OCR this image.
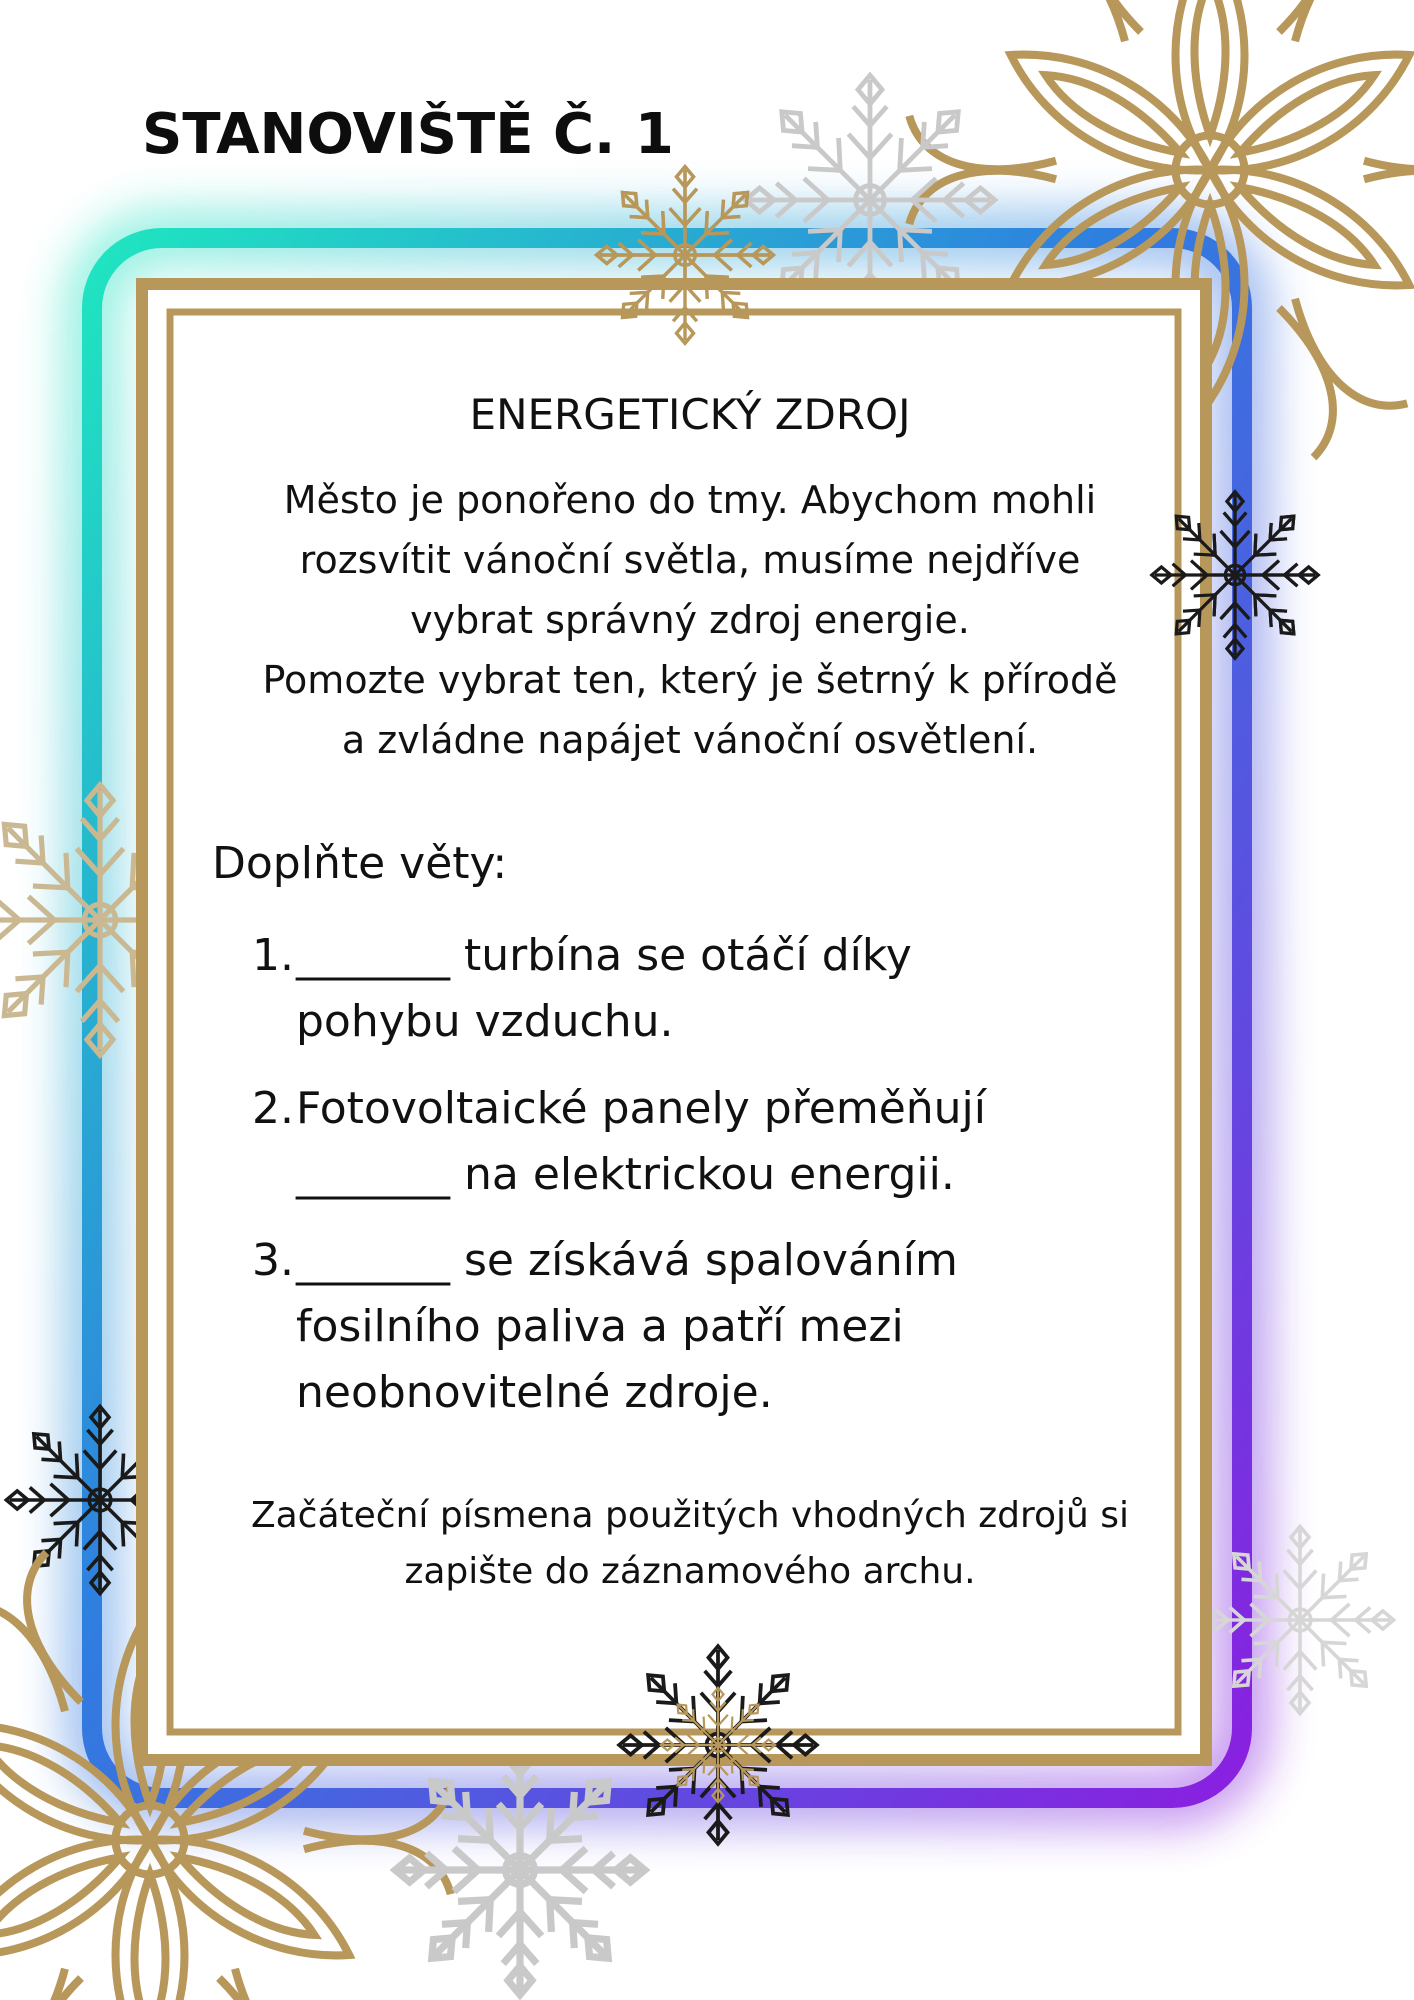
STANOVIŠTĚ Č. 1
ENERGETICKÝ ZDROJ

Město je ponořeno do tmy. Abychom mohli
rozsvítit vánoční světla, musíme nejdříve
vybrat správný zdroj energie.
Pomozte vybrat ten, který je šetrný k přírodě
a zvládne napájet vánoční osvětlení.

Doplňte věty:

1. _______ turbína se otáčí díky
pohybu vzduchu.
2. Fotovoltaické panely přeměňují
_______ na elektrickou energii.
3. _______ se získává spalováním
fosilního paliva a patří mezi
neobnovitelné zdroje.

Začáteční písmena použitých vhodných zdrojů si
zapište do záznamového archu.
